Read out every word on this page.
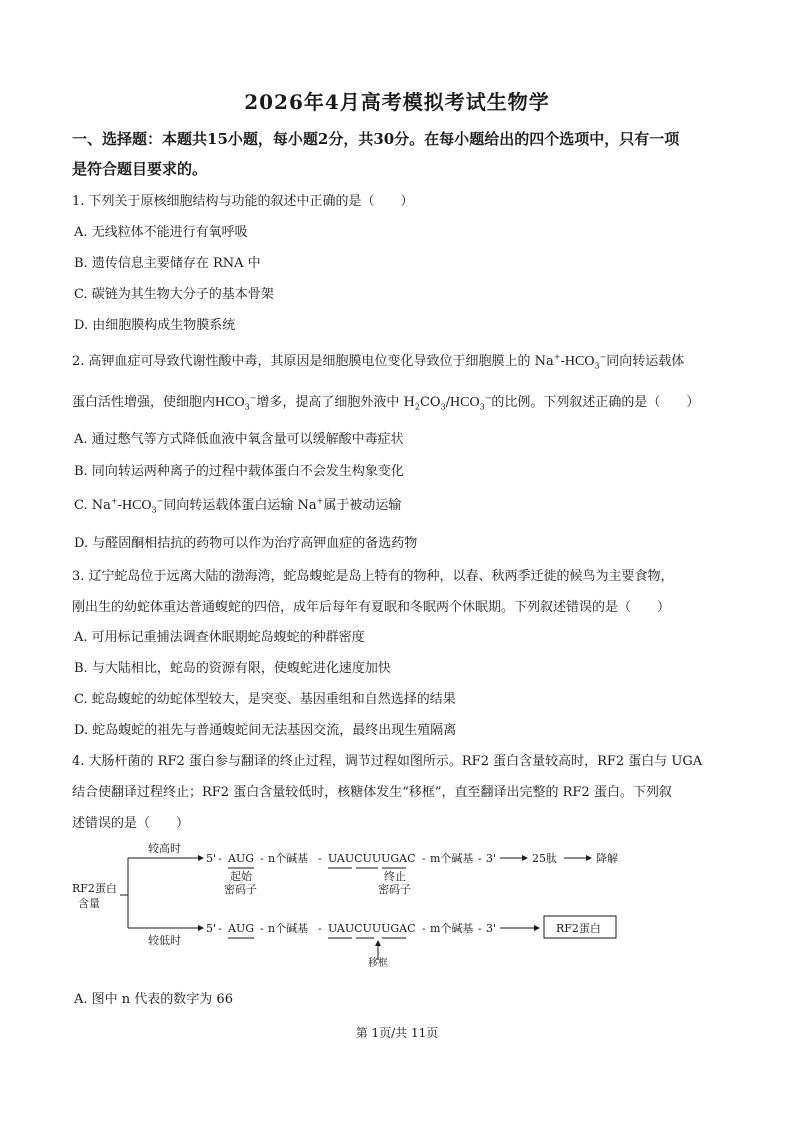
2026年4月高考模拟考试生物学
一、选择题：本题共15小题，每小题2分，共30分。在每小题给出的四个选项中，只有一项
是符合题目要求的。
1. 下列关于原核细胞结构与功能的叙述中正确的是（　　）
A. 无线粒体不能进行有氧呼吸
B. 遗传信息主要储存在 RNA 中
C. 碳链为其生物大分子的基本骨架
D. 由细胞膜构成生物膜系统
2. 高钾血症可导致代谢性酸中毒，其原因是细胞膜电位变化导致位于细胞膜上的 $Na^+-HCO_3^-$同向转运载体
蛋白活性增强，使细胞内$HCO_3^-$增多，提高了细胞外液中 $H_2CO_3/HCO_3^-$的比例。下列叙述正确的是（　　）
A. 通过憋气等方式降低血液中氧含量可以缓解酸中毒症状
B. 同向转运两种离子的过程中载体蛋白不会发生构象变化
C. $Na^+-HCO_3^-$同向转运载体蛋白运输 Na+属于被动运输
D. 与醛固酮相拮抗的药物可以作为治疗高钾血症的备选药物
3. 辽宁蛇岛位于远离大陆的渤海湾，蛇岛蝮蛇是岛上特有的物种，以春、秋两季迁徙的候鸟为主要食物，
刚出生的幼蛇体重达普通蝮蛇的四倍，成年后每年有夏眠和冬眠两个休眠期。下列叙述错误的是（　　）
A. 可用标记重捕法调查休眠期蛇岛蝮蛇的种群密度
B. 与大陆相比，蛇岛的资源有限，使蝮蛇进化速度加快
C. 蛇岛蝮蛇的幼蛇体型较大，是突变、基因重组和自然选择的结果
D. 蛇岛蝮蛇的祖先与普通蝮蛇间无法基因交流，最终出现生殖隔离
4. 大肠杆菌的 RF2 蛋白参与翻译的终止过程，调节过程如图所示。RF2 蛋白含量较高时，RF2 蛋白与 UGA
结合使翻译过程终止；RF2 蛋白含量较低时，核糖体发生“移框”，直至翻译出完整的 RF2 蛋白。下列叙
述错误的是（　　）
RF2蛋白
含量
较高时
较低时
5' - AUG - n个碱基 - UAUCUUUGAC - m个碱基 - 3'	25肽	降解
起始
密码子
终止
密码子
5' - AUG - n个碱基 - UAUCUUUGAC - m个碱基 - 3'	RF2蛋白
移框
A. 图中 n 代表的数字为 66
第 1页/共 11页
